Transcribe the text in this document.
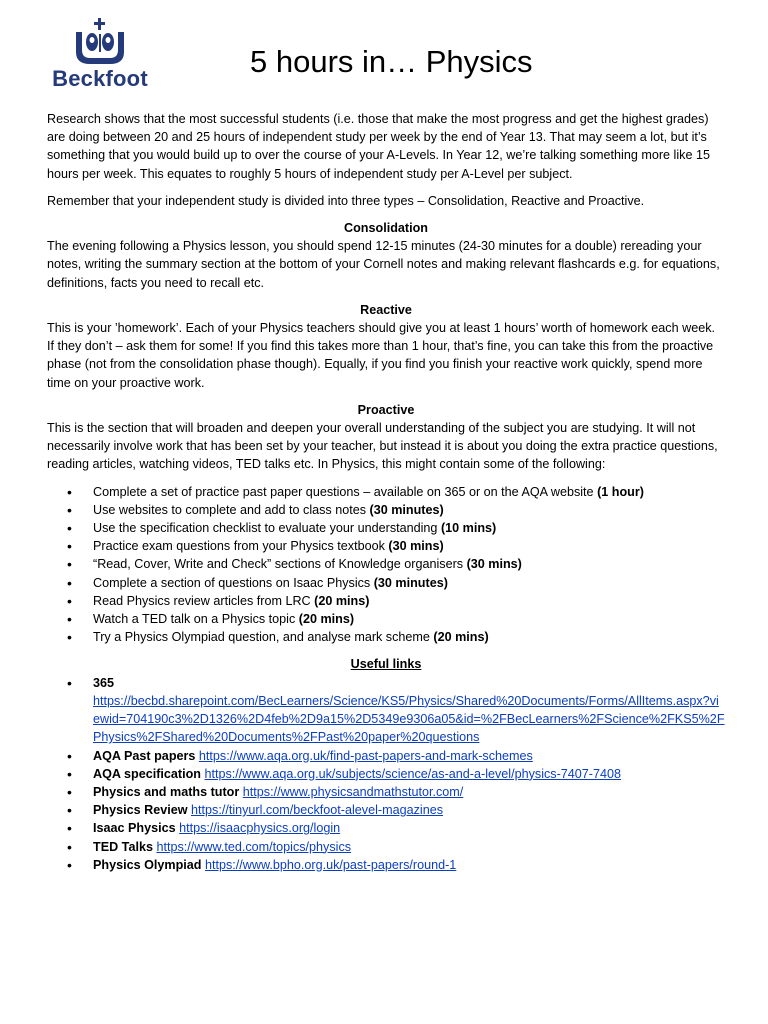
Beckfoot	5 hours in… Physics

Research shows that the most successful students (i.e. those that make the most progress and get the highest grades) are doing between 20 and 25 hours of independent study per week by the end of Year 13. That may seem a lot, but it’s something that you would build up to over the course of your A-Levels. In Year 12, we’re talking something more like 15 hours per week. This equates to roughly 5 hours of independent study per A-Level per subject.

Remember that your independent study is divided into three types – Consolidation, Reactive and Proactive.

Consolidation

The evening following a Physics lesson, you should spend 12-15 minutes (24-30 minutes for a double) rereading your notes, writing the summary section at the bottom of your Cornell notes and making relevant flashcards e.g. for equations, definitions, facts you need to recall etc.

Reactive

This is your ’homework’. Each of your Physics teachers should give you at least 1 hours’ worth of homework each week. If they don’t – ask them for some! If you find this takes more than 1 hour, that’s fine, you can take this from the proactive phase (not from the consolidation phase though). Equally, if you find you finish your reactive work quickly, spend more time on your proactive work.

Proactive

This is the section that will broaden and deepen your overall understanding of the subject you are studying. It will not necessarily involve work that has been set by your teacher, but instead it is about you doing the extra practice questions, reading articles, watching videos, TED talks etc. In Physics, this might contain some of the following:

• Complete a set of practice past paper questions – available on 365 or on the AQA website (1 hour)
• Use websites to complete and add to class notes (30 minutes)
• Use the specification checklist to evaluate your understanding (10 mins)
• Practice exam questions from your Physics textbook (30 mins)
• “Read, Cover, Write and Check” sections of Knowledge organisers (30 mins)
• Complete a section of questions on Isaac Physics (30 minutes)
• Read Physics review articles from LRC (20 mins)
• Watch a TED talk on a Physics topic (20 mins)
• Try a Physics Olympiad question, and analyse mark scheme (20 mins)

Useful links

• 365
https://becbd.sharepoint.com/BecLearners/Science/KS5/Physics/Shared%20Documents/Forms/AllItems.aspx?viewid=704190c3%2D1326%2D4feb%2D9a15%2D5349e9306a05&id=%2FBecLearners%2FScience%2FKS5%2FPhysics%2FShared%20Documents%2FPast%20paper%20questions
• AQA Past papers https://www.aqa.org.uk/find-past-papers-and-mark-schemes
• AQA specification https://www.aqa.org.uk/subjects/science/as-and-a-level/physics-7407-7408
• Physics and maths tutor https://www.physicsandmathstutor.com/
• Physics Review https://tinyurl.com/beckfoot-alevel-magazines
• Isaac Physics https://isaacphysics.org/login
• TED Talks https://www.ted.com/topics/physics
• Physics Olympiad https://www.bpho.org.uk/past-papers/round-1
